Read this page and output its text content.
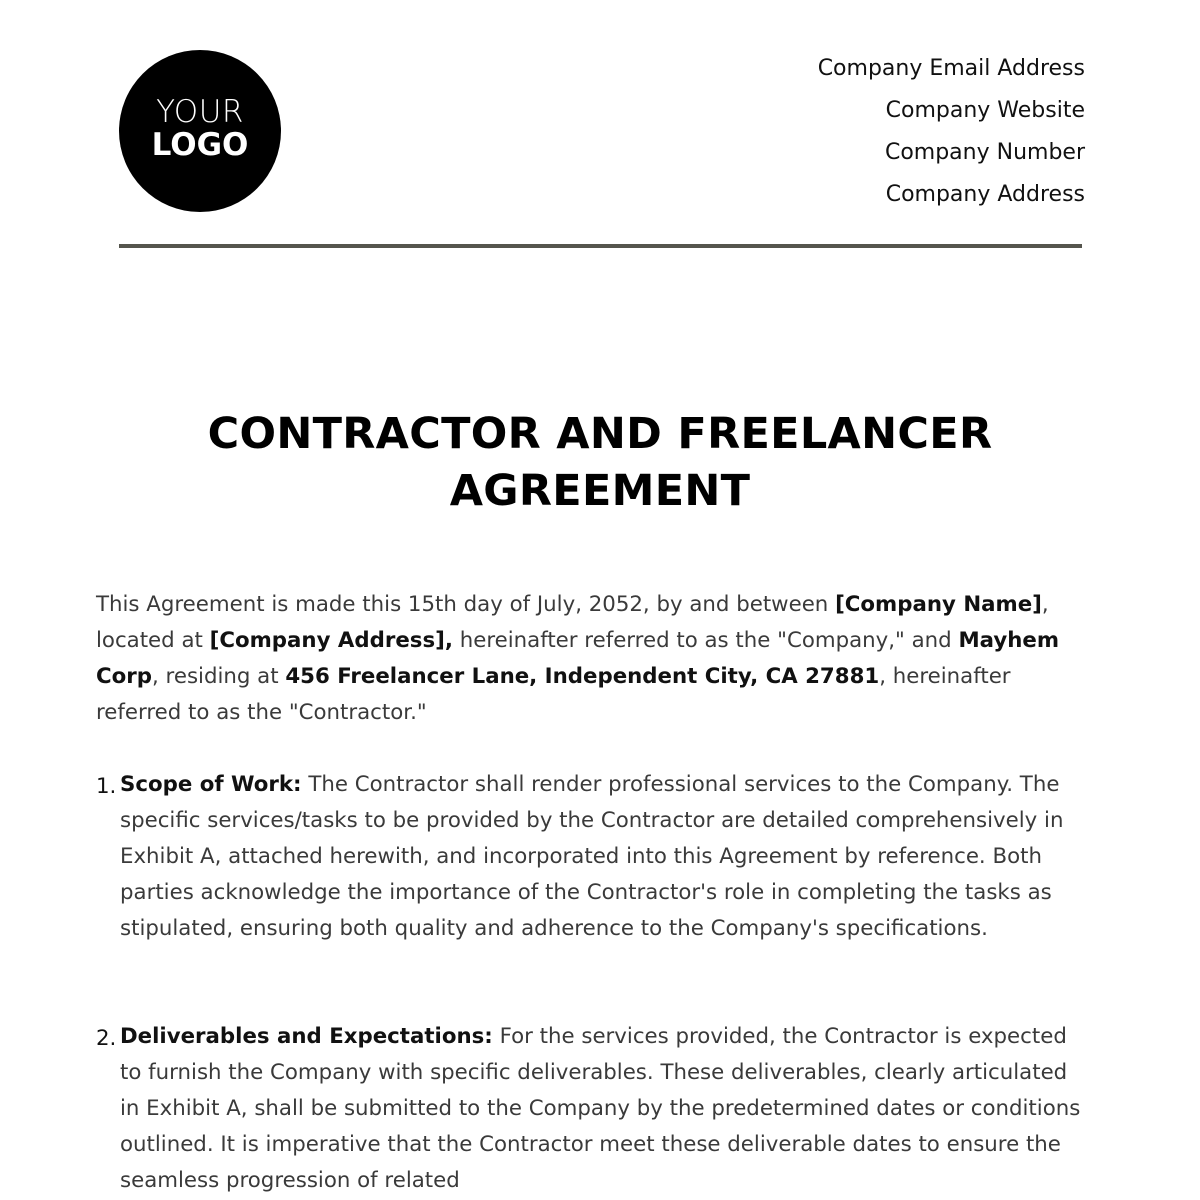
YOUR
LOGO
Company Email Address
Company Website
Company Number
Company Address
CONTRACTOR AND FREELANCER
AGREEMENT
This Agreement is made this 15th day of July, 2052, by and between [Company Name], located at [Company Address], hereinafter referred to as the "Company," and Mayhem Corp, residing at 456 Freelancer Lane, Independent City, CA 27881, hereinafter referred to as the "Contractor."
1. Scope of Work: The Contractor shall render professional services to the Company. The specific services/tasks to be provided by the Contractor are detailed comprehensively in Exhibit A, attached herewith, and incorporated into this Agreement by reference. Both parties acknowledge the importance of the Contractor's role in completing the tasks as stipulated, ensuring both quality and adherence to the Company's specifications.
2. Deliverables and Expectations: For the services provided, the Contractor is expected to furnish the Company with specific deliverables. These deliverables, clearly articulated in Exhibit A, shall be submitted to the Company by the predetermined dates or conditions outlined. It is imperative that the Contractor meet these deliverable dates to ensure the seamless progression of related
